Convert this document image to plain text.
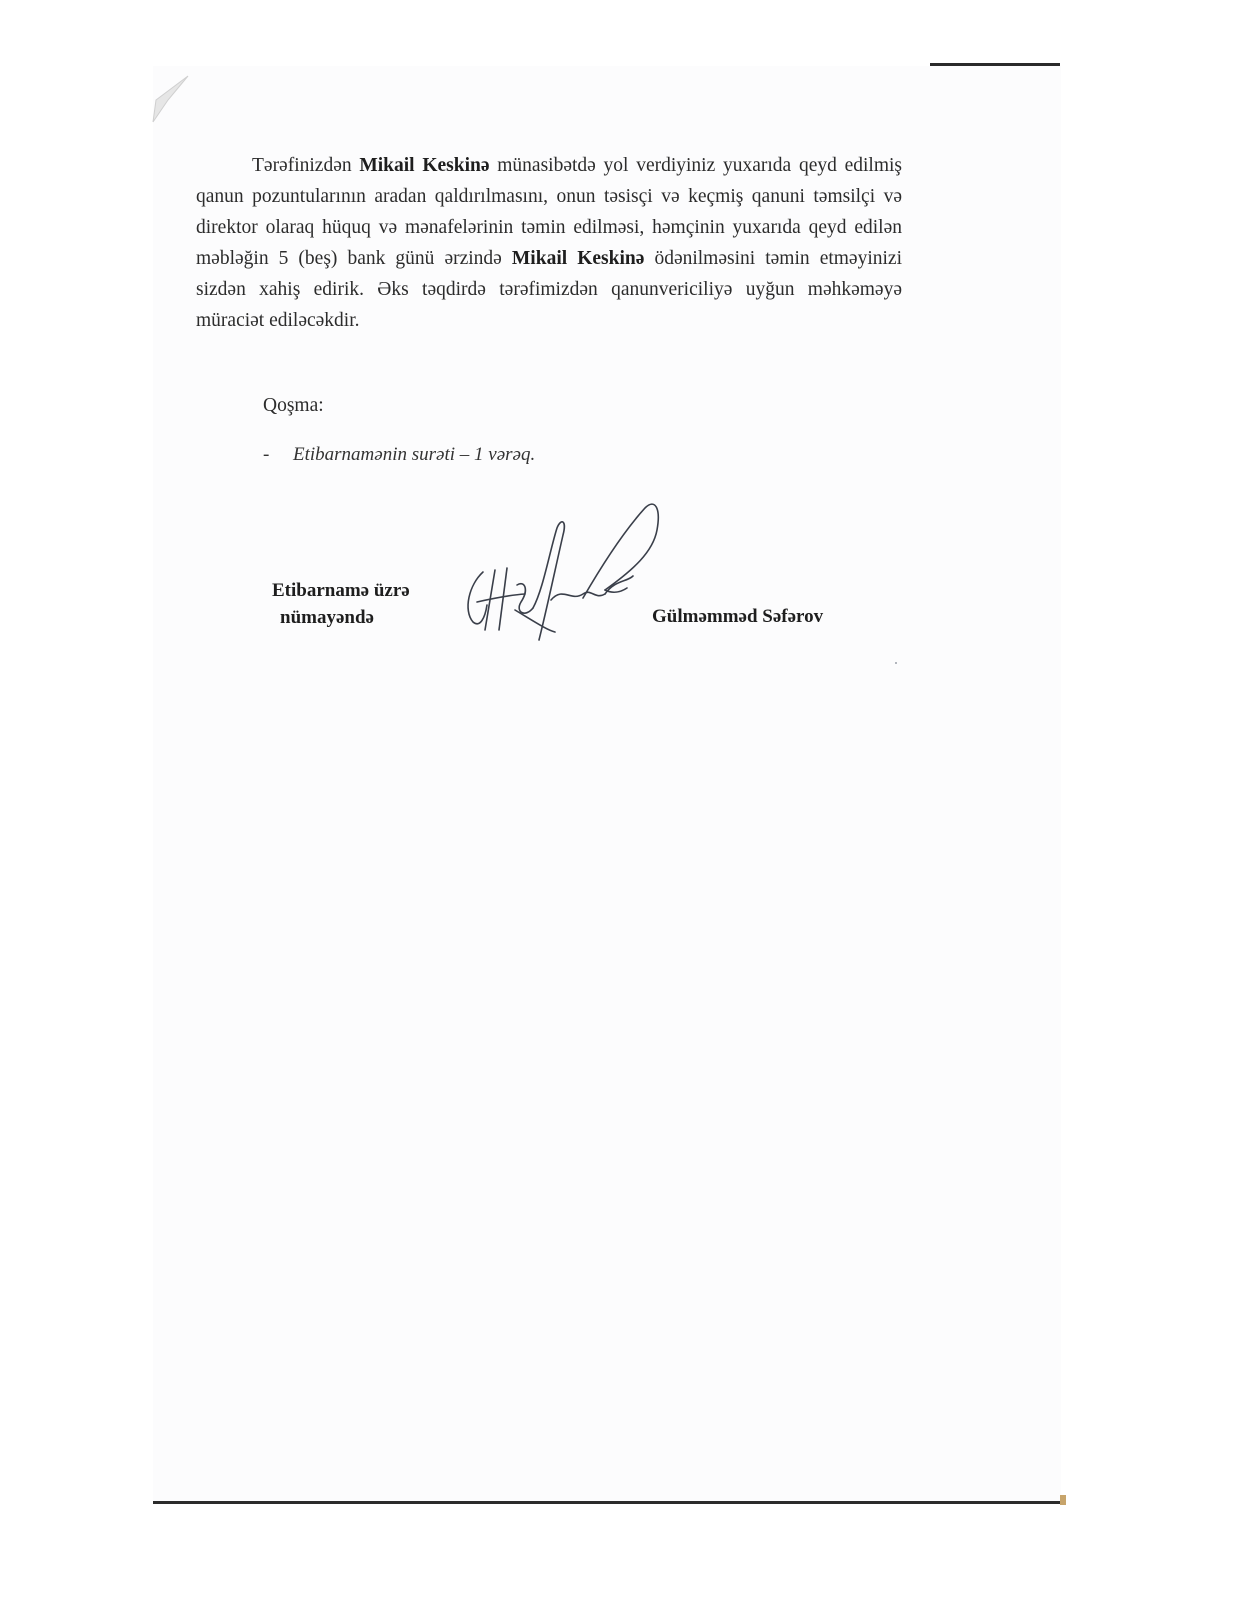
Tərəfinizdən Mikail Keskinə münasibətdə yol verdiyiniz yuxarıda qeyd edilmiş qanun pozuntularının aradan qaldırılmasını, onun təsisçi və keçmiş qanuni təmsilçi və direktor olaraq hüquq və mənafelərinin təmin edilməsi, həmçinin yuxarıda qeyd edilən məbləğin 5 (beş) bank günü ərzində Mikail Keskinə ödənilməsini təmin etməyinizi sizdən xahiş edirik. Əks təqdirdə tərəfimizdən qanunvericiliyə uyğun məhkəməyə müraciət ediləcəkdir.

Qoşma:
- Etibarnamənin surəti – 1 vərəq.
Etibarnamə üzrə
nümayəndə	Gülməmməd Səfərov
